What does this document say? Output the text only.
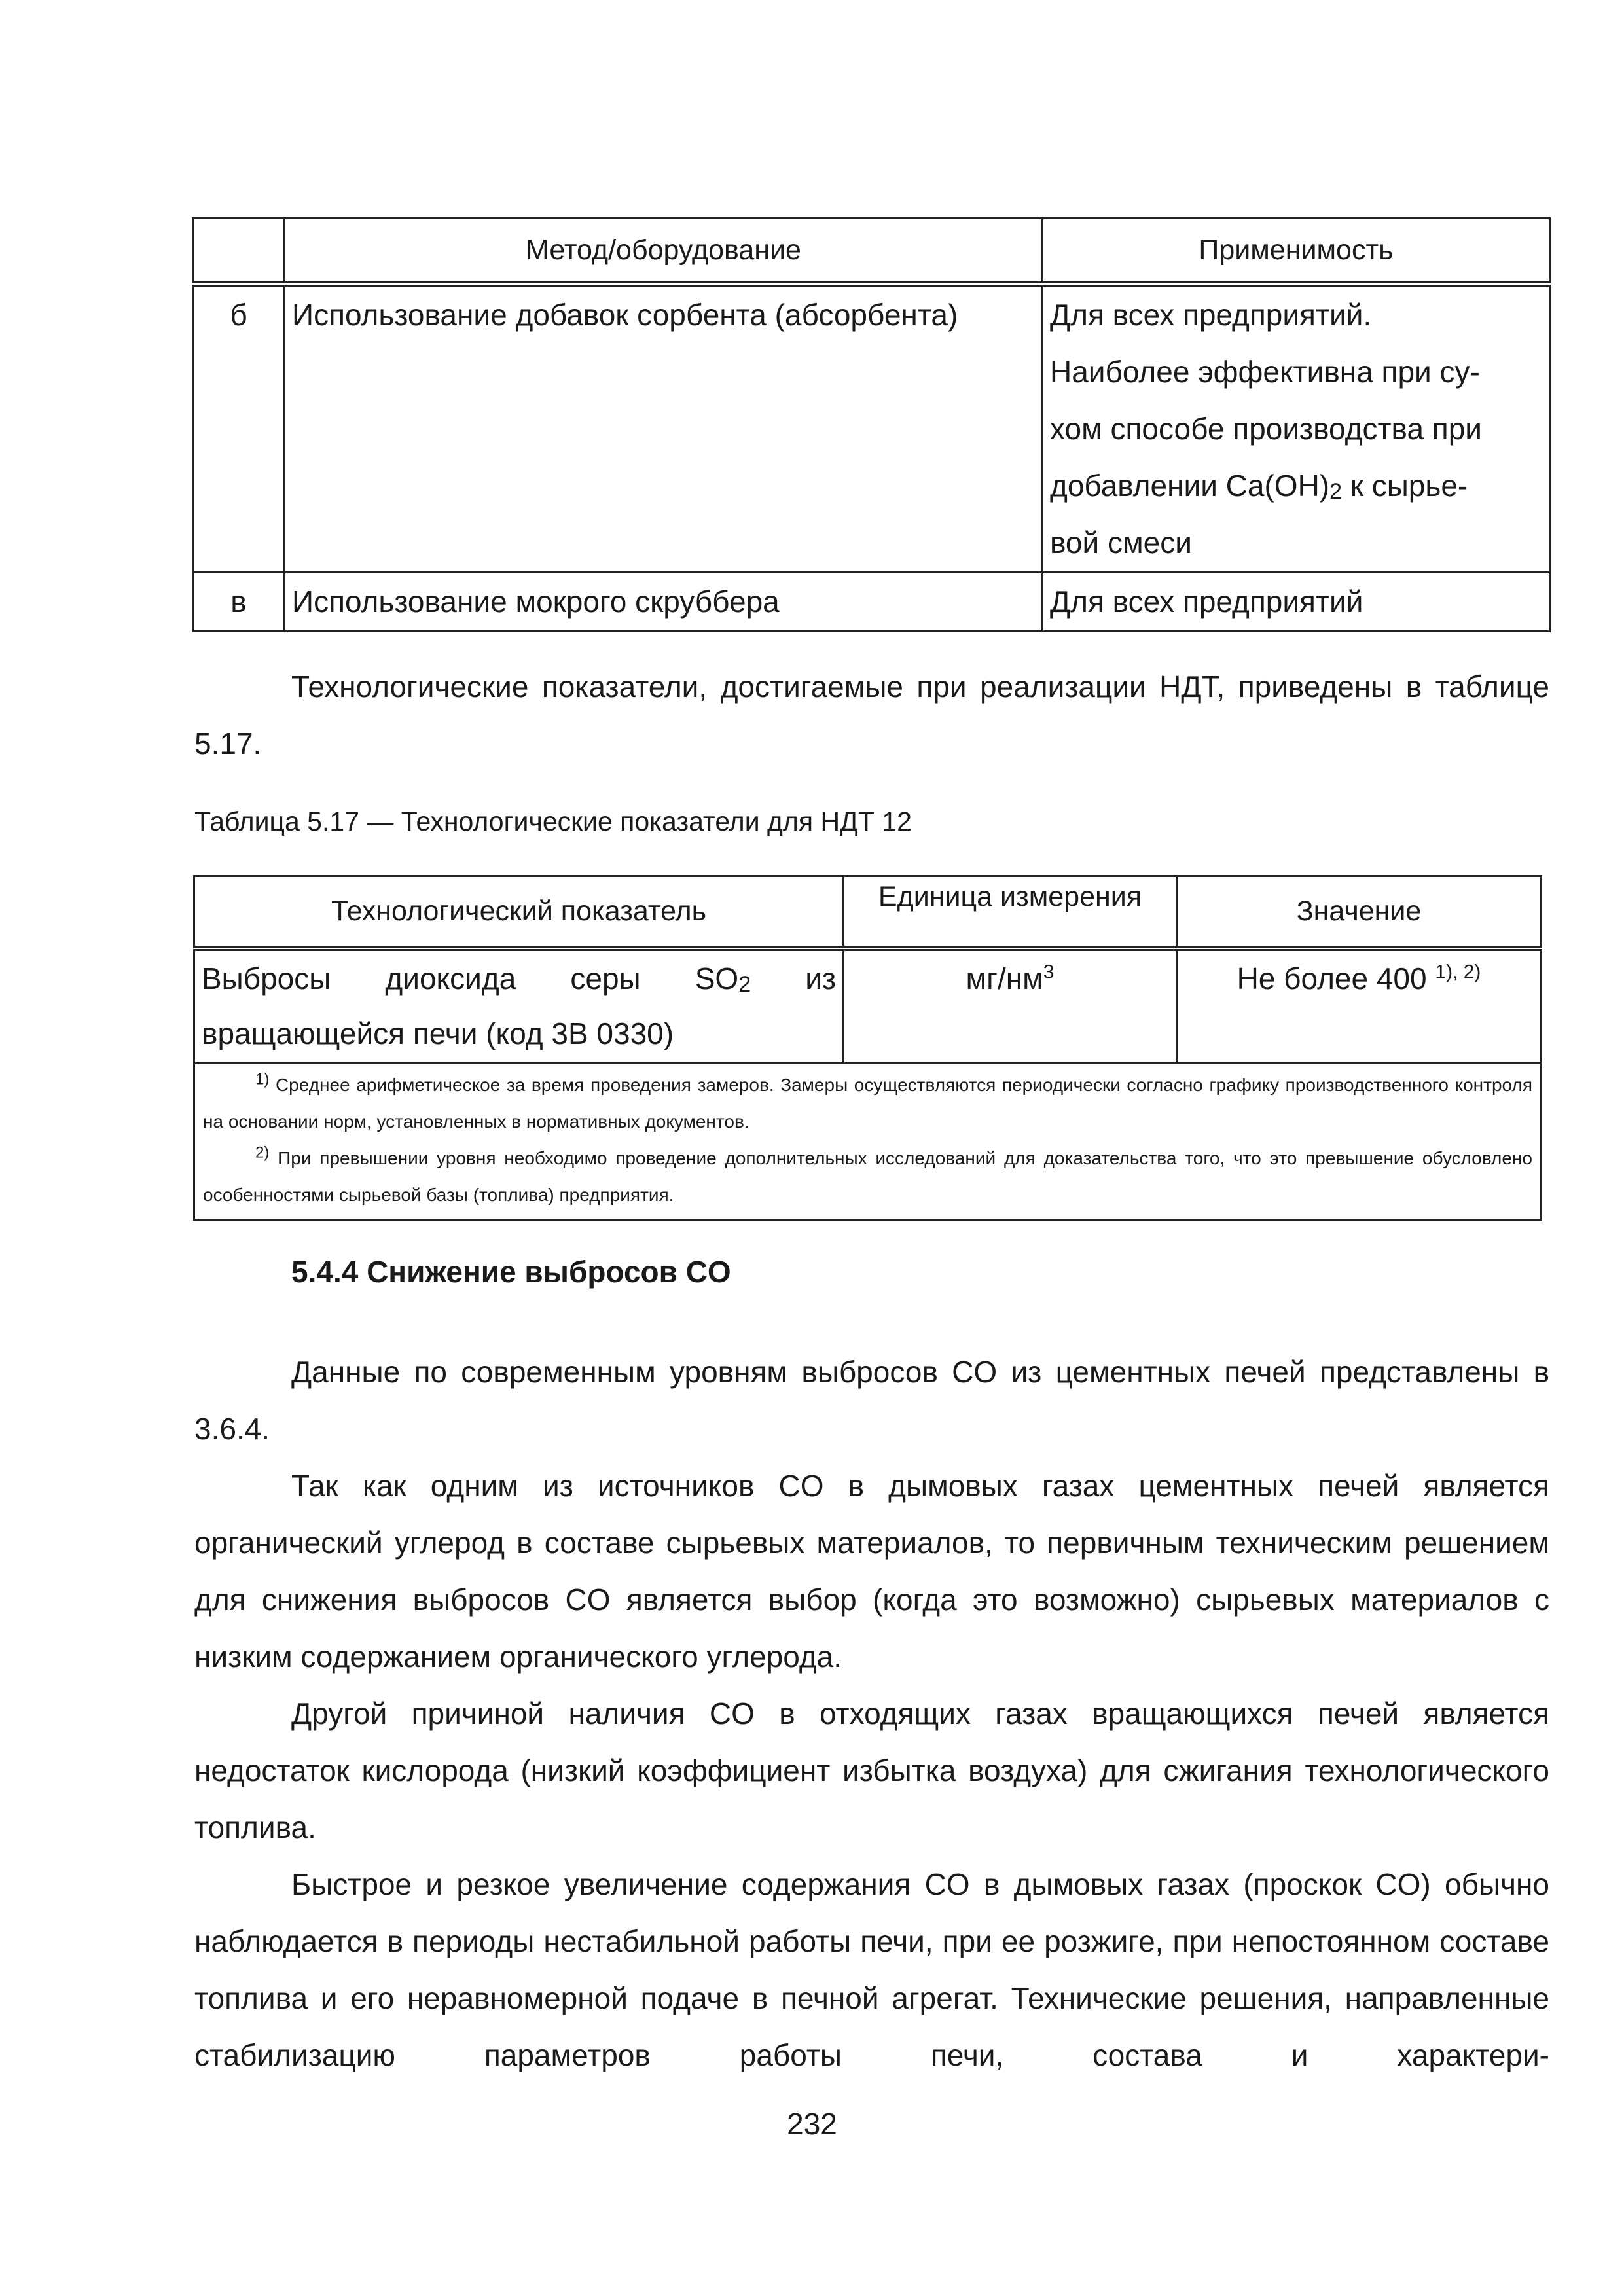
	Метод/оборудование	Применимость
б	Использование добавок сорбента (абсорбента)	Для всех предприятий.
Наиболее эффективна при су-
хом способе производства при
добавлении $Ca(OH)_2$ к сырье-
вой смеси

в	Использование мокрого скруббера	Для всех предприятий

Технологические показатели, достигаемые при реализации НДТ, приведены в таблице 5.17.

Таблица 5.17 — Технологические показатели для НДТ 12

Технологический показатель	Единица измерения	Значение
Выбросы диоксида серы $SO_2$ из вращающейся печи (код 3В 0330)	$мг/нм^3$	Не более 400 $^{1), 2)}$

$^{1)}$ Среднее арифметическое за время проведения замеров. Замеры осуществляются периодически согласно графику производственного контроля на основании норм, установленных в нормативных документов.

$^{2)}$ При превышении уровня необходимо проведение дополнительных исследований для доказательства того, что это превышение обусловлено особенностями сырьевой базы (топлива) предприятия.		

5.4.4 Снижение выбросов CO

Данные по современным уровням выбросов CO из цементных печей представлены в 3.6.4.

Так как одним из источников CO в дымовых газах цементных печей является органический углерод в составе сырьевых материалов, то первичным техническим решением для снижения выбросов CO является выбор (когда это возможно) сырьевых материалов с низким содержанием органического углерода.

Другой причиной наличия CO в отходящих газах вращающихся печей является недостаток кислорода (низкий коэффициент избытка воздуха) для сжигания технологического топлива.

Быстрое и резкое увеличение содержания CO в дымовых газах (проскок CO) обычно наблюдается в периоды нестабильной работы печи, при ее розжиге, при непостоянном составе топлива и его неравномерной подаче в печной агрегат. Технические решения, направленные стабилизацию параметров работы печи, состава и характери-

232
